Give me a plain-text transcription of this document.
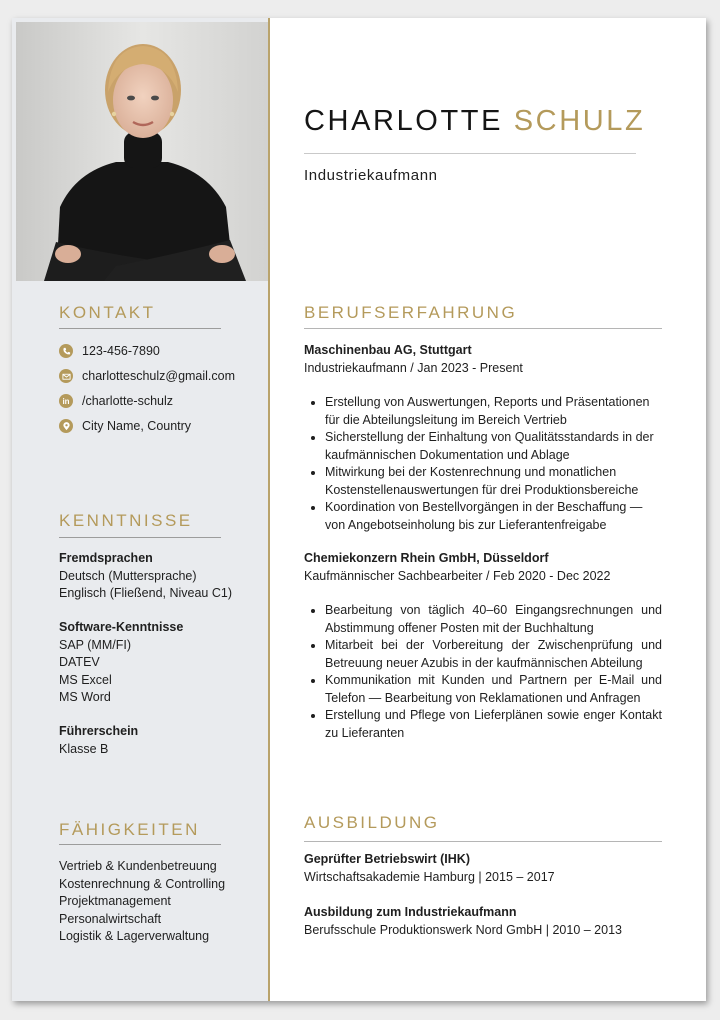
KONTAKT
123-456-7890
charlotteschulz@gmail.com
in /charlotte-schulz
City Name, Country
KENNTNISSE
Fremdsprachen
Deutsch (Muttersprache)
Englisch (Fließend, Niveau C1)
Software-Kenntnisse
SAP (MM/FI)
DATEV
MS Excel
MS Word
Führerschein
Klasse B
FÄHIGKEITEN
Vertrieb & Kundenbetreuung
Kostenrechnung & Controlling
Projektmanagement
Personalwirtschaft
Logistik & Lagerverwaltung
CHARLOTTE SCHULZ
Industriekaufmann
BERUFSERFAHRUNG
Maschinenbau AG, Stuttgart
Industriekaufmann / Jan 2023 - Present
• Erstellung von Auswertungen, Reports und Präsentationen für die Abteilungsleitung im Bereich Vertrieb
• Sicherstellung der Einhaltung von Qualitätsstandards in der kaufmännischen Dokumentation und Ablage
• Mitwirkung bei der Kostenrechnung und monatlichen Kostenstellenauswertungen für drei Produktionsbereiche
• Koordination von Bestellvorgängen in der Beschaffung — von Angebotseinholung bis zur Lieferantenfreigabe
Chemiekonzern Rhein GmbH, Düsseldorf
Kaufmännischer Sachbearbeiter / Feb 2020 - Dec 2022
• Bearbeitung von täglich 40–60 Eingangsrechnungen und Abstimmung offener Posten mit der Buchhaltung
• Mitarbeit bei der Vorbereitung der Zwischenprüfung und Betreuung neuer Azubis in der kaufmännischen Abteilung
• Kommunikation mit Kunden und Partnern per E-Mail und Telefon — Bearbeitung von Reklamationen und Anfragen
• Erstellung und Pflege von Lieferplänen sowie enger Kontakt zu Lieferanten
AUSBILDUNG
Geprüfter Betriebswirt (IHK)
Wirtschaftsakademie Hamburg | 2015 – 2017
Ausbildung zum Industriekaufmann
Berufsschule Produktionswerk Nord GmbH | 2010 – 2013
